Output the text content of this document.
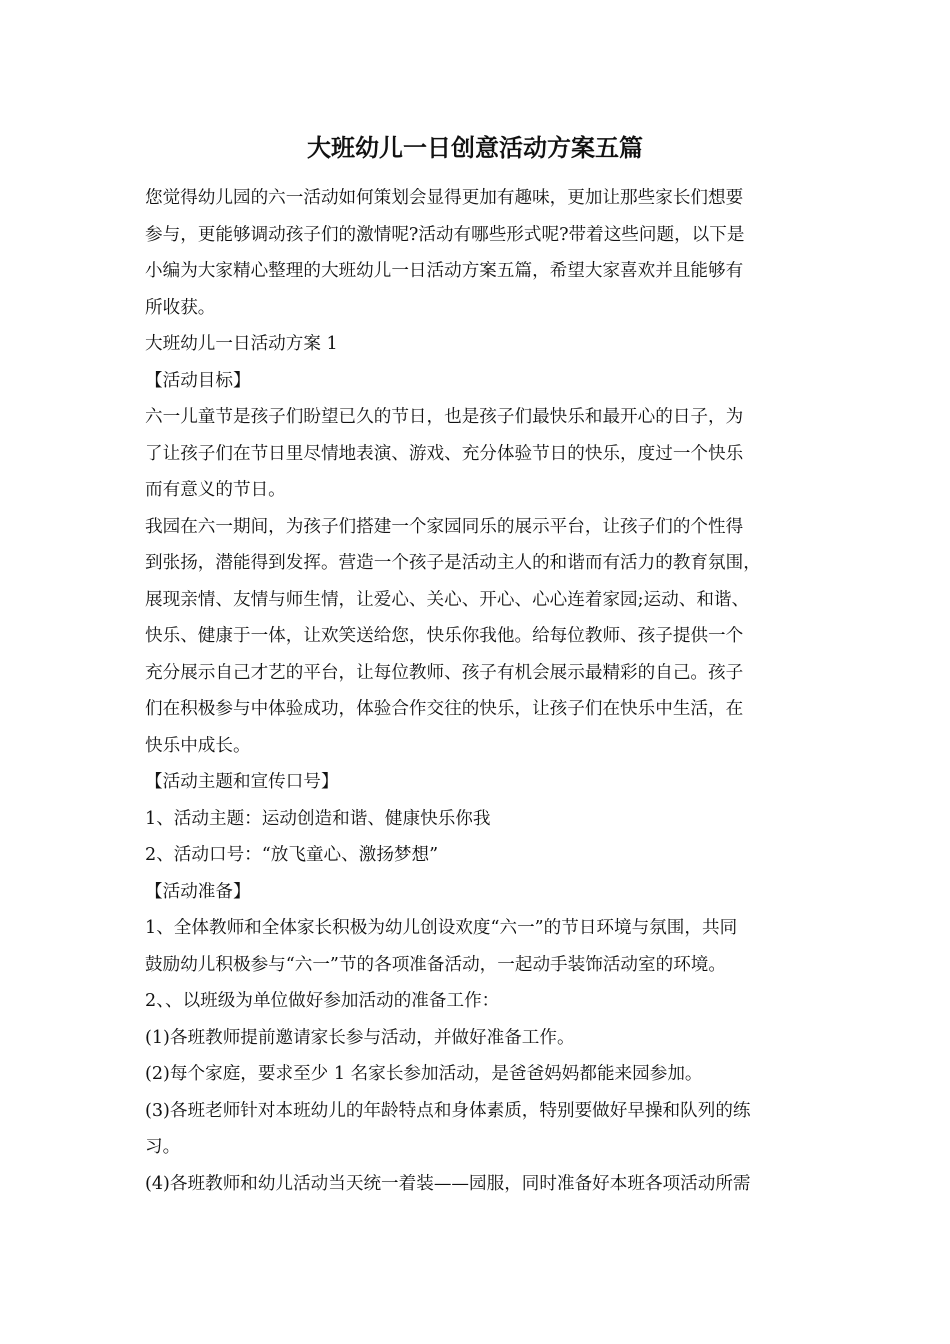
大班幼儿一日创意活动方案五篇
您觉得幼儿园的六一活动如何策划会显得更加有趣味，更加让那些家长们想要
参与，更能够调动孩子们的激情呢?活动有哪些形式呢?带着这些问题，以下是
小编为大家精心整理的大班幼儿一日活动方案五篇，希望大家喜欢并且能够有
所收获。
大班幼儿一日活动方案 1
【活动目标】
六一儿童节是孩子们盼望已久的节日，也是孩子们最快乐和最开心的日子，为
了让孩子们在节日里尽情地表演、游戏、充分体验节日的快乐，度过一个快乐
而有意义的节日。
我园在六一期间，为孩子们搭建一个家园同乐的展示平台，让孩子们的个性得
到张扬，潜能得到发挥。营造一个孩子是活动主人的和谐而有活力的教育氛围，
展现亲情、友情与师生情，让爱心、关心、开心、心心连着家园;运动、和谐、
快乐、健康于一体，让欢笑送给您，快乐你我他。给每位教师、孩子提供一个
充分展示自己才艺的平台，让每位教师、孩子有机会展示最精彩的自己。孩子
们在积极参与中体验成功，体验合作交往的快乐，让孩子们在快乐中生活，在
快乐中成长。
【活动主题和宣传口号】
1、活动主题：运动创造和谐、健康快乐你我
2、活动口号：“放飞童心、激扬梦想”
【活动准备】
1、全体教师和全体家长积极为幼儿创设欢度“六一”的节日环境与氛围，共同
鼓励幼儿积极参与“六一”节的各项准备活动，一起动手装饰活动室的环境。
2、、以班级为单位做好参加活动的准备工作：
(1)各班教师提前邀请家长参与活动，并做好准备工作。
(2)每个家庭，要求至少 1 名家长参加活动，是爸爸妈妈都能来园参加。
(3)各班老师针对本班幼儿的年龄特点和身体素质，特别要做好早操和队列的练
习。
(4)各班教师和幼儿活动当天统一着装——园服，同时准备好本班各项活动所需
